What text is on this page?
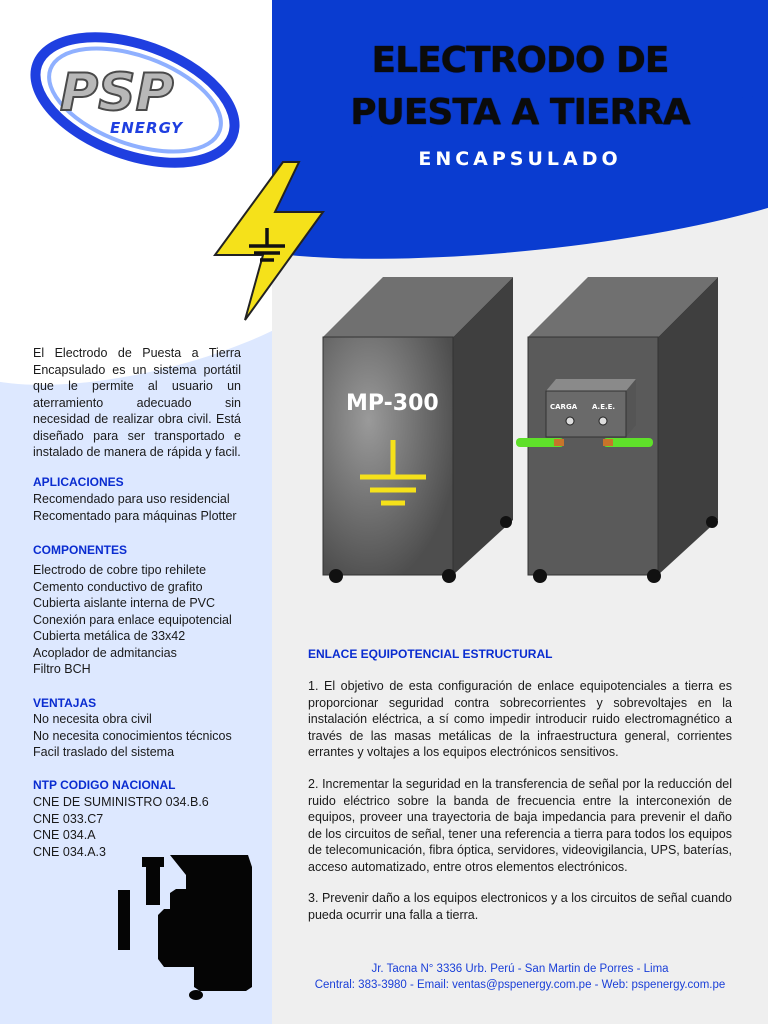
ELECTRODO DE
PUESTA A TIERRA
ENCAPSULADO
PSP
ENERGY
El Electrodo de Puesta a Tierra Encapsulado es un sistema portátil que le permite al usuario un aterramiento adecuado sin necesidad de realizar obra civil. Está diseñado para ser transportado e instalado de manera de rápida y facil.
APLICACIONES
Recomendado para uso residencial
Recomentado para máquinas Plotter
COMPONENTES
Electrodo de cobre tipo rehilete
Cemento conductivo de grafito
Cubierta aislante interna de PVC
Conexión para enlace equipotencial
Cubierta metálica de 33x42
Acoplador de admitancias
Filtro BCH
VENTAJAS
No necesita obra civil
No necesita conocimientos técnicos
Facil traslado del sistema
NTP CODIGO NACIONAL
CNE DE SUMINISTRO 034.B.6
CNE 033.C7
CNE 034.A
CNE 034.A.3
MP-300	CARGA A.E.E.
ENLACE EQUIPOTENCIAL ESTRUCTURAL
1. El objetivo de esta configuración de enlace equipotenciales a tierra es proporcionar seguridad contra sobrecorrientes y sobrevoltajes en la instalación eléctrica, a sí como impedir introducir ruido electromagnético a través de las masas metálicas de la infraestructura general, corrientes errantes y voltajes a los equipos electrónicos sensitivos.
2. Incrementar la seguridad en la transferencia de señal por la reducción del ruido eléctrico sobre la banda de frecuencia entre la interconexión de equipos, proveer una trayectoria de baja impedancia para prevenir el daño de los circuitos de señal, tener una referencia a tierra para todos los equipos de telecomunicación, fibra óptica, servidores, videovigilancia, UPS, baterías, acceso automatizado, entre otros elementos electrónicos.
3. Prevenir daño a los equipos electronicos y a los circuitos de señal cuando pueda ocurrir una falla a tierra.
Jr. Tacna N° 3336 Urb. Perú - San Martin de Porres - Lima
Central: 383-3980 - Email: ventas@pspenergy.com.pe - Web: pspenergy.com.pe
